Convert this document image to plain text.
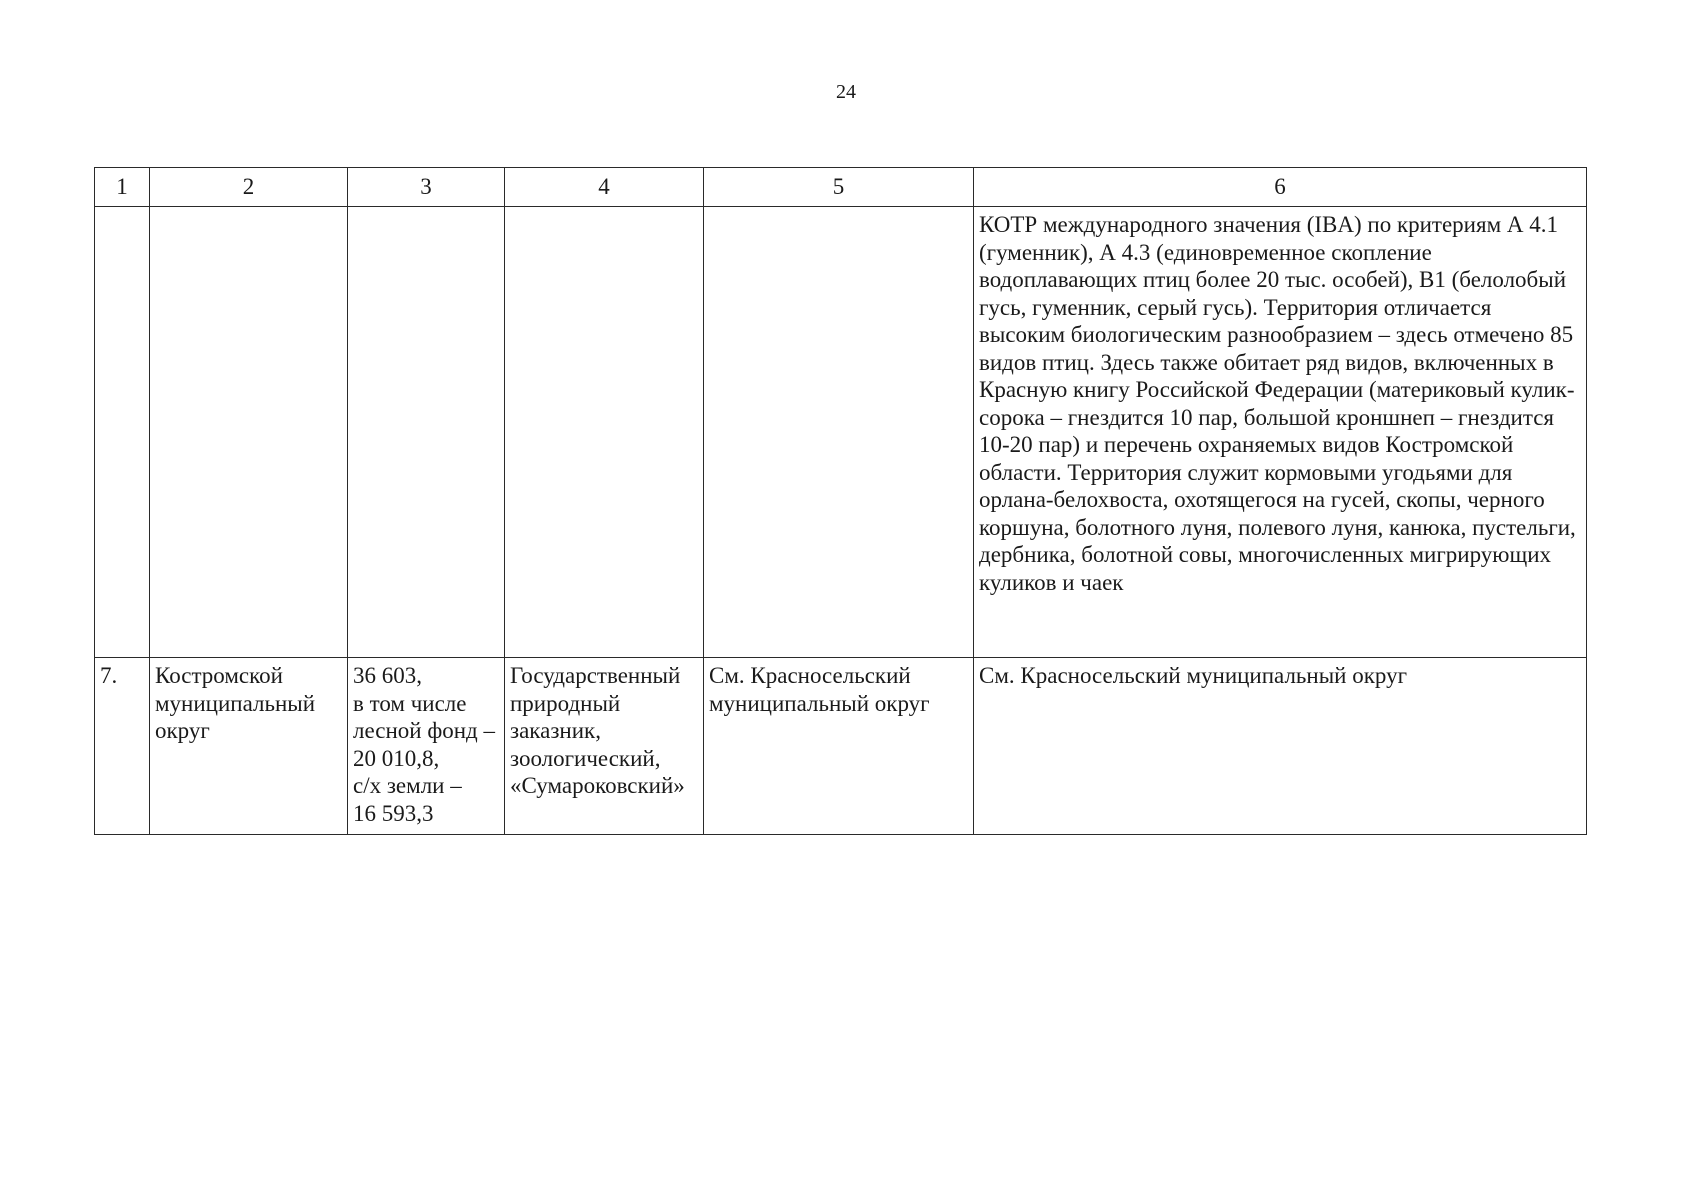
24
1	2	3	4	5	6
					КОТР международного значения (IBA) по критериям А 4.1 (гуменник), А 4.3 (единовременное скопление водоплавающих птиц более 20 тыс. особей), В1 (белолобый гусь, гуменник, серый гусь). Территория отличается высоким биологическим разнообразием – здесь отмечено 85 видов птиц. Здесь также обитает ряд видов, включенных в Красную книгу Российской Федерации (материковый кулик-сорока – гнездится 10 пар, большой кроншнеп – гнездится 10-20 пар) и перечень охраняемых видов Костромской области. Территория служит кормовыми угодьями для орлана-белохвоста, охотящегося на гусей, скопы, черного коршуна, болотного луня, полевого луня, канюка, пустельги, дербника, болотной совы, многочисленных мигрирующих куликов и чаек
7.	Костромской муниципальный округ	36 603,
в том числе лесной фонд – 20 010,8,
с/х земли –
16 593,3	Государственный природный заказник, зоологический, «Сумароковский»	См. Красносельский муниципальный округ	См. Красносельский муниципальный округ
